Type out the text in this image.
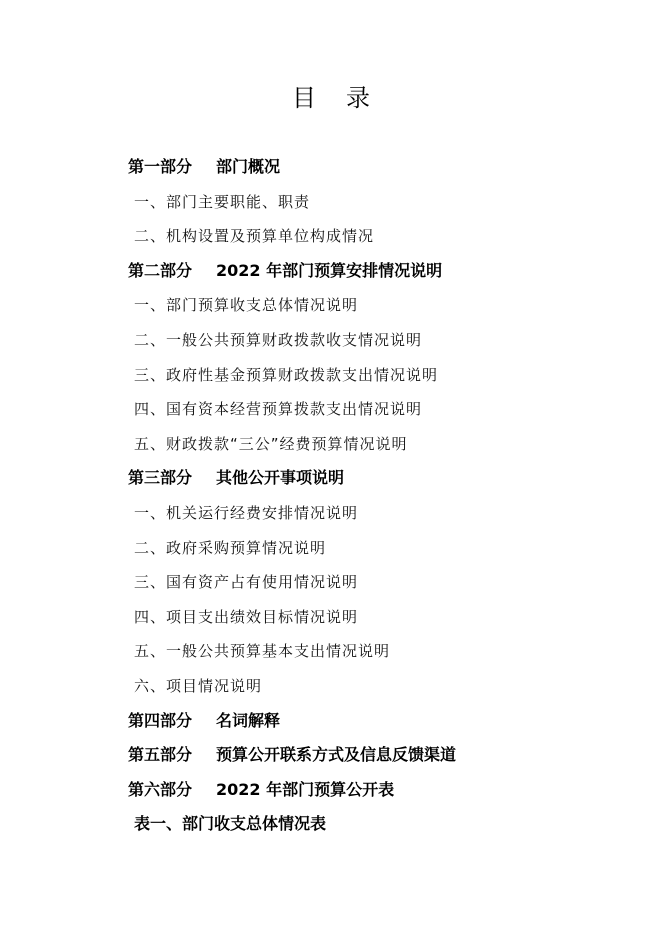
目 录
第一部分 部门概况
一、部门主要职能、职责
二、机构设置及预算单位构成情况
第二部分 2022 年部门预算安排情况说明
一、部门预算收支总体情况说明
二、一般公共预算财政拨款收支情况说明
三、政府性基金预算财政拨款支出情况说明
四、国有资本经营预算拨款支出情况说明
五、财政拨款“三公”经费预算情况说明
第三部分 其他公开事项说明
一、机关运行经费安排情况说明
二、政府采购预算情况说明
三、国有资产占有使用情况说明
四、项目支出绩效目标情况说明
五、一般公共预算基本支出情况说明
六、项目情况说明
第四部分 名词解释
第五部分 预算公开联系方式及信息反馈渠道
第六部分 2022 年部门预算公开表
表一、部门收支总体情况表
